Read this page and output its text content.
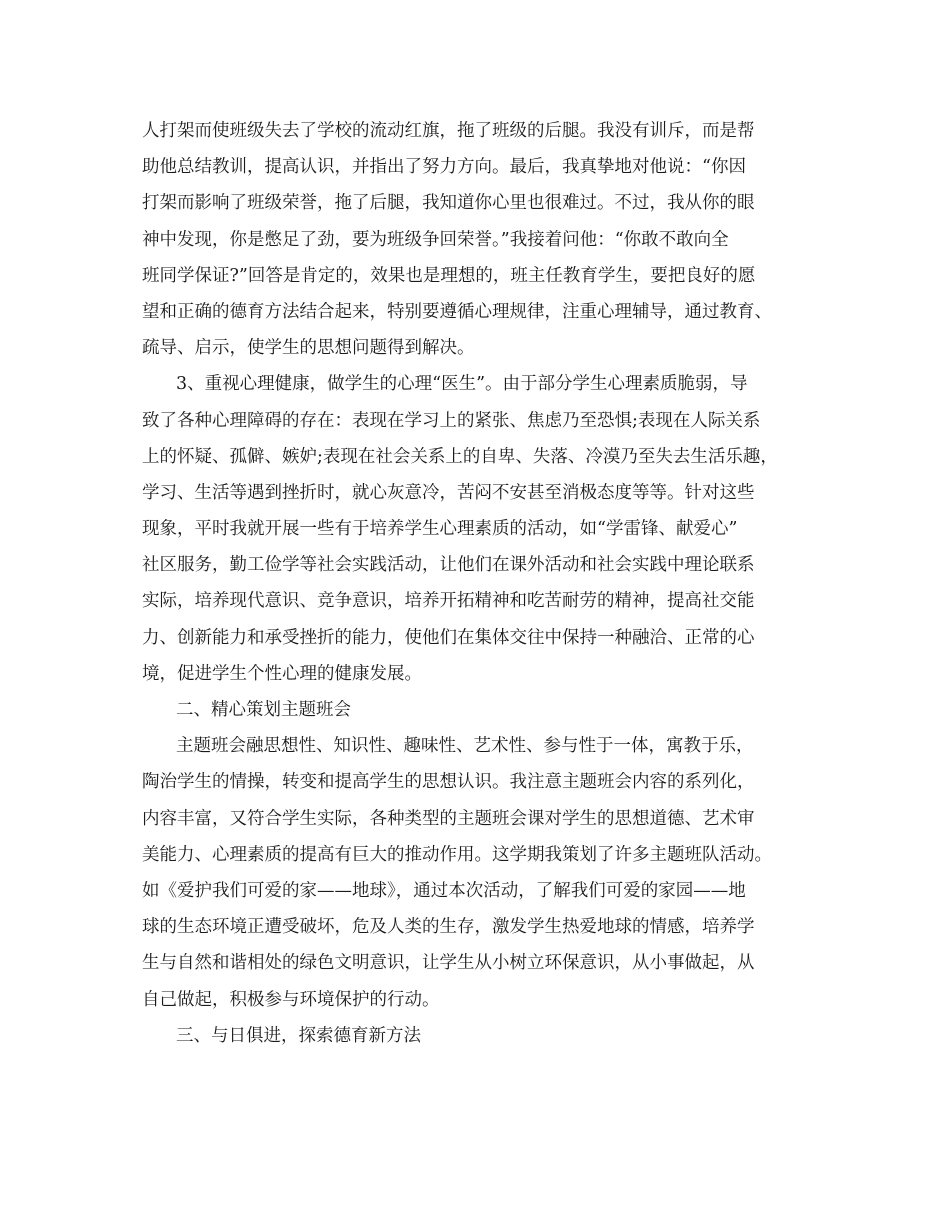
人打架而使班级失去了学校的流动红旗，拖了班级的后腿。我没有训斥，而是帮
助他总结教训，提高认识，并指出了努力方向。最后，我真挚地对他说：“你因
打架而影响了班级荣誉，拖了后腿，我知道你心里也很难过。不过，我从你的眼
神中发现，你是憋足了劲，要为班级争回荣誉。”我接着问他：“你敢不敢向全
班同学保证?”回答是肯定的，效果也是理想的，班主任教育学生，要把良好的愿
望和正确的德育方法结合起来，特别要遵循心理规律，注重心理辅导，通过教育、
疏导、启示，使学生的思想问题得到解决。
3、重视心理健康，做学生的心理“医生”。由于部分学生心理素质脆弱，导
致了各种心理障碍的存在：表现在学习上的紧张、焦虑乃至恐惧;表现在人际关系
上的怀疑、孤僻、嫉妒;表现在社会关系上的自卑、失落、冷漠乃至失去生活乐趣，
学习、生活等遇到挫折时，就心灰意冷，苦闷不安甚至消极态度等等。针对这些
现象，平时我就开展一些有于培养学生心理素质的活动，如“学雷锋、献爱心”
社区服务，勤工俭学等社会实践活动，让他们在课外活动和社会实践中理论联系
实际，培养现代意识、竞争意识，培养开拓精神和吃苦耐劳的精神，提高社交能
力、创新能力和承受挫折的能力，使他们在集体交往中保持一种融洽、正常的心
境，促进学生个性心理的健康发展。
二、精心策划主题班会
主题班会融思想性、知识性、趣味性、艺术性、参与性于一体，寓教于乐，
陶治学生的情操，转变和提高学生的思想认识。我注意主题班会内容的系列化，
内容丰富，又符合学生实际，各种类型的主题班会课对学生的思想道德、艺术审
美能力、心理素质的提高有巨大的推动作用。这学期我策划了许多主题班队活动。
如《爱护我们可爱的家——地球》，通过本次活动，了解我们可爱的家园——地
球的生态环境正遭受破坏，危及人类的生存，激发学生热爱地球的情感，培养学
生与自然和谐相处的绿色文明意识，让学生从小树立环保意识，从小事做起，从
自己做起，积极参与环境保护的行动。
三、与日俱进，探索德育新方法
